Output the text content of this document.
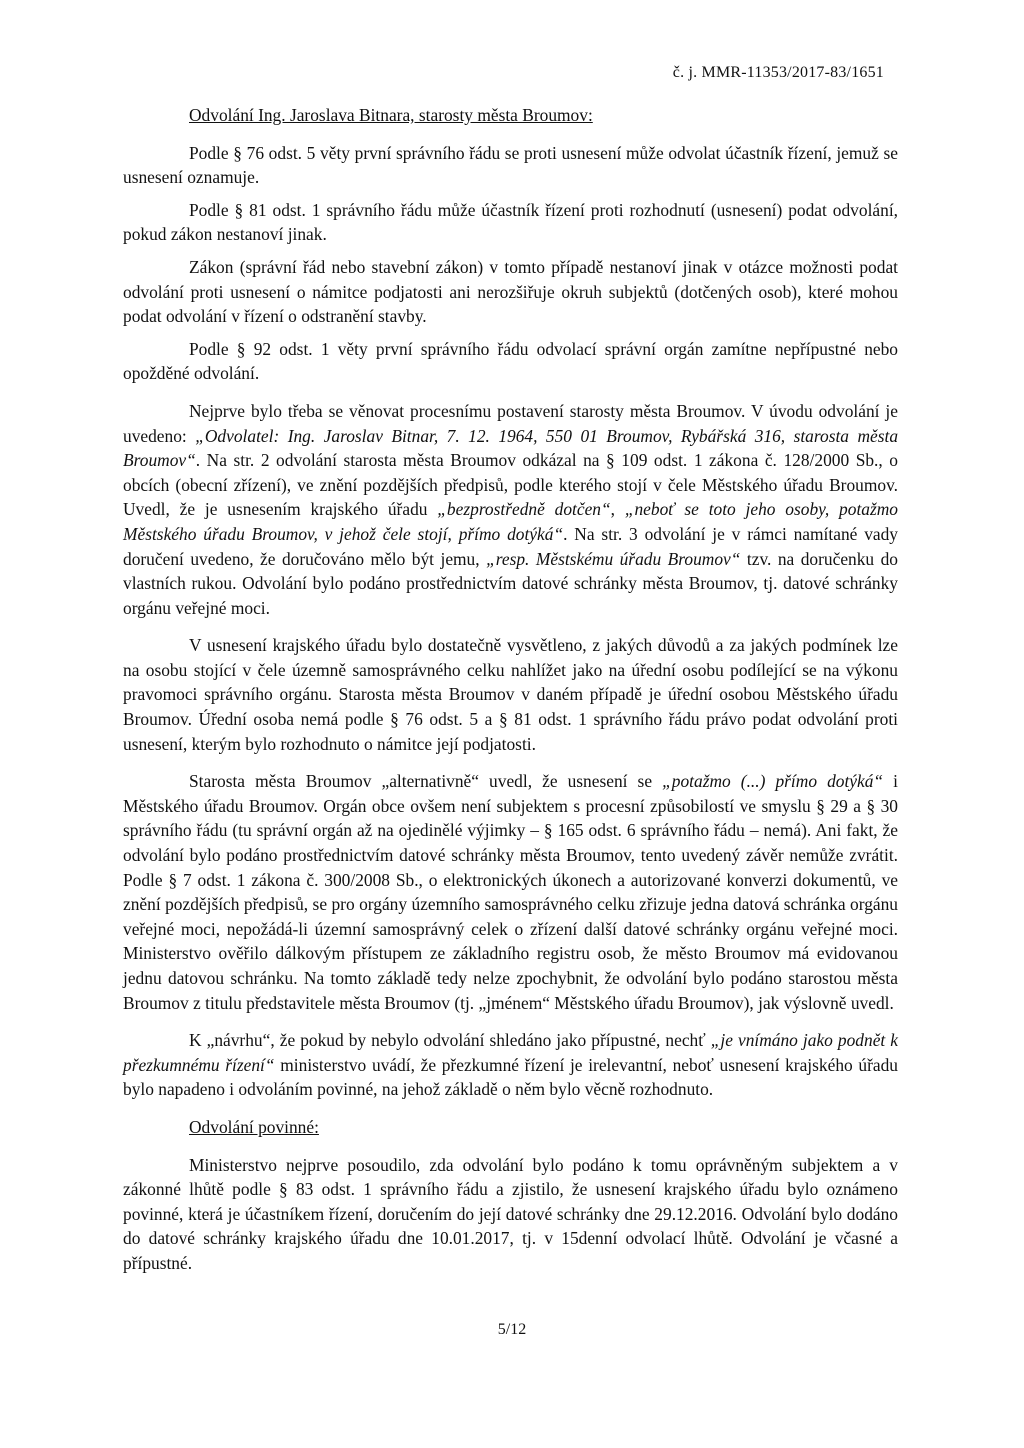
č. j. MMR-11353/2017-83/1651

Odvolání Ing. Jaroslava Bitnara, starosty města Broumov:

Podle § 76 odst. 5 věty první správního řádu se proti usnesení může odvolat účastník řízení, jemuž se usnesení oznamuje.

Podle § 81 odst. 1 správního řádu může účastník řízení proti rozhodnutí (usnesení) podat odvolání, pokud zákon nestanoví jinak.

Zákon (správní řád nebo stavební zákon) v tomto případě nestanoví jinak v otázce možnosti podat odvolání proti usnesení o námitce podjatosti ani nerozšiřuje okruh subjektů (dotčených osob), které mohou podat odvolání v řízení o odstranění stavby.

Podle § 92 odst. 1 věty první správního řádu odvolací správní orgán zamítne nepřípustné nebo opožděné odvolání.

Nejprve bylo třeba se věnovat procesnímu postavení starosty města Broumov. V úvodu odvolání je uvedeno: „Odvolatel: Ing. Jaroslav Bitnar, 7. 12. 1964, 550 01 Broumov, Rybářská 316, starosta města Broumov“. Na str. 2 odvolání starosta města Broumov odkázal na § 109 odst. 1 zákona č. 128/2000 Sb., o obcích (obecní zřízení), ve znění pozdějších předpisů, podle kterého stojí v čele Městského úřadu Broumov. Uvedl, že je usnesením krajského úřadu „bezprostředně dotčen“, „neboť se toto jeho osoby, potažmo Městského úřadu Broumov, v jehož čele stojí, přímo dotýká“. Na str. 3 odvolání je v rámci namítané vady doručení uvedeno, že doručováno mělo být jemu, „resp. Městskému úřadu Broumov“ tzv. na doručenku do vlastních rukou. Odvolání bylo podáno prostřednictvím datové schránky města Broumov, tj. datové schránky orgánu veřejné moci.

V usnesení krajského úřadu bylo dostatečně vysvětleno, z jakých důvodů a za jakých podmínek lze na osobu stojící v čele územně samosprávného celku nahlížet jako na úřední osobu podílející se na výkonu pravomoci správního orgánu. Starosta města Broumov v daném případě je úřední osobou Městského úřadu Broumov. Úřední osoba nemá podle § 76 odst. 5 a § 81 odst. 1 správního řádu právo podat odvolání proti usnesení, kterým bylo rozhodnuto o námitce její podjatosti.

Starosta města Broumov „alternativně“ uvedl, že usnesení se „potažmo (...) přímo dotýká“ i Městského úřadu Broumov. Orgán obce ovšem není subjektem s procesní způsobilostí ve smyslu § 29 a § 30 správního řádu (tu správní orgán až na ojedinělé výjimky – § 165 odst. 6 správního řádu – nemá). Ani fakt, že odvolání bylo podáno prostřednictvím datové schránky města Broumov, tento uvedený závěr nemůže zvrátit. Podle § 7 odst. 1 zákona č. 300/2008 Sb., o elektronických úkonech a autorizované konverzi dokumentů, ve znění pozdějších předpisů, se pro orgány územního samosprávného celku zřizuje jedna datová schránka orgánu veřejné moci, nepožádá-li územní samosprávný celek o zřízení další datové schránky orgánu veřejné moci. Ministerstvo ověřilo dálkovým přístupem ze základního registru osob, že město Broumov má evidovanou jednu datovou schránku. Na tomto základě tedy nelze zpochybnit, že odvolání bylo podáno starostou města Broumov z titulu představitele města Broumov (tj. „jménem“ Městského úřadu Broumov), jak výslovně uvedl.

K „návrhu“, že pokud by nebylo odvolání shledáno jako přípustné, nechť „je vnímáno jako podnět k přezkumnému řízení“ ministerstvo uvádí, že přezkumné řízení je irelevantní, neboť usnesení krajského úřadu bylo napadeno i odvoláním povinné, na jehož základě o něm bylo věcně rozhodnuto.

Odvolání povinné:

Ministerstvo nejprve posoudilo, zda odvolání bylo podáno k tomu oprávněným subjektem a v zákonné lhůtě podle § 83 odst. 1 správního řádu a zjistilo, že usnesení krajského úřadu bylo oznámeno povinné, která je účastníkem řízení, doručením do její datové schránky dne 29.12.2016. Odvolání bylo dodáno do datové schránky krajského úřadu dne 10.01.2017, tj. v 15denní odvolací lhůtě. Odvolání je včasné a přípustné.

5/12
